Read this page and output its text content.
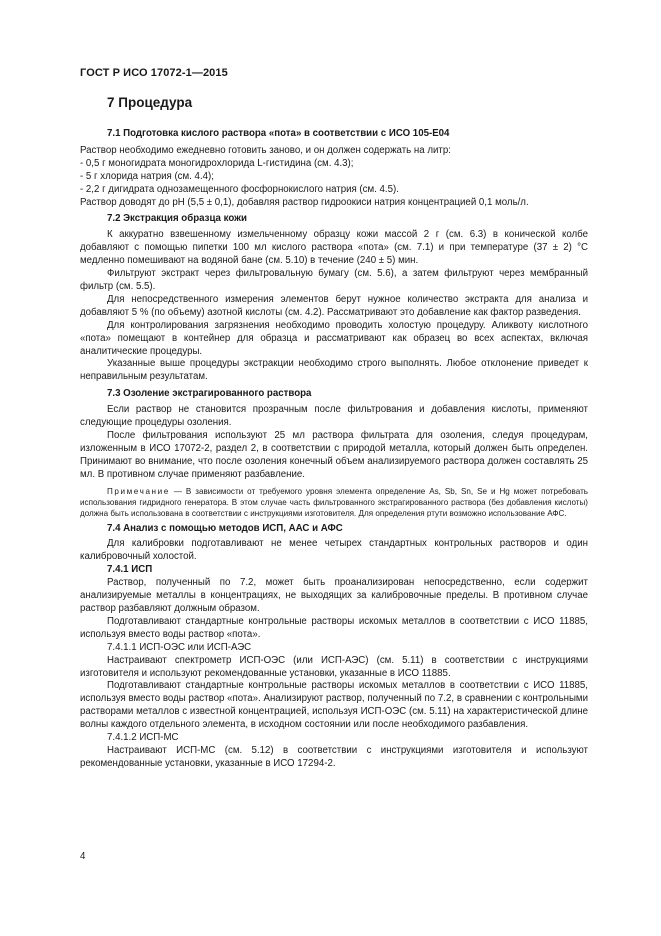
ГОСТ Р ИСО 17072-1—2015
7 Процедура

7.1 Подготовка кислого раствора «пота» в соответствии с ИСО 105-Е04

Раствор необходимо ежедневно готовить заново, и он должен содержать на литр:

- 0,5 г моногидрата моногидрохлорида L-гистидина (см. 4.3);

- 5 г хлорида натрия (см. 4.4);

- 2,2 г дигидрата однозамещенного фосфорнокислого натрия (см. 4.5).

Раствор доводят до pH (5,5 ± 0,1), добавляя раствор гидроокиси натрия концентрацией 0,1 моль/л.

7.2 Экстракция образца кожи

К аккуратно взвешенному измельченному образцу кожи массой 2 г (см. 6.3) в конической колбе добавляют с помощью пипетки 100 мл кислого раствора «пота» (см. 7.1) и при температуре (37 ± 2) °С медленно помешивают на водяной бане (см. 5.10) в течение (240 ± 5) мин.

Фильтруют экстракт через фильтровальную бумагу (см. 5.6), а затем фильтруют через мембранный фильтр (см. 5.5).

Для непосредственного измерения элементов берут нужное количество экстракта для анализа и добавляют 5 % (по объему) азотной кислоты (см. 4.2). Рассматривают это добавление как фактор разведения.

Для контролирования загрязнения необходимо проводить холостую процедуру. Аликвоту кислотного «пота» помещают в контейнер для образца и рассматривают как образец во всех аспектах, включая аналитические процедуры.

Указанные выше процедуры экстракции необходимо строго выполнять. Любое отклонение приведет к неправильным результатам.

7.3 Озоление экстрагированного раствора

Если раствор не становится прозрачным после фильтрования и добавления кислоты, применяют следующие процедуры озоления.

После фильтрования используют 25 мл раствора фильтрата для озоления, следуя процедурам, изложенным в ИСО 17072-2, раздел 2, в соответствии с природой металла, который должен быть определен. Принимают во внимание, что после озоления конечный объем анализируемого раствора должен составлять 25 мл. В противном случае применяют разбавление.

Примечание — В зависимости от требуемого уровня элемента определение As, Sb, Sn, Se и Hg может потребовать использования гидридного генератора. В этом случае часть фильтрованного экстрагированного раствора (без добавления кислоты) должна быть использована в соответствии с инструкциями изготовителя. Для определения ртути возможно использование АФС.

7.4 Анализ с помощью методов ИСП, ААС и АФС

Для калибровки подготавливают не менее четырех стандартных контрольных растворов и один калибровочный холостой.

7.4.1 ИСП

Раствор, полученный по 7.2, может быть проанализирован непосредственно, если содержит анализируемые металлы в концентрациях, не выходящих за калибровочные пределы. В противном случае раствор разбавляют должным образом.

Подготавливают стандартные контрольные растворы искомых металлов в соответствии с ИСО 11885, используя вместо воды раствор «пота».

7.4.1.1 ИСП-ОЭС или ИСП-АЭС

Настраивают спектрометр ИСП-ОЭС (или ИСП-АЭС) (см. 5.11) в соответствии с инструкциями изготовителя и используют рекомендованные установки, указанные в ИСО 11885.

Подготавливают стандартные контрольные растворы искомых металлов в соответствии с ИСО 11885, используя вместо воды раствор «пота». Анализируют раствор, полученный по 7.2, в сравнении с контрольными растворами металлов с известной концентрацией, используя ИСП-ОЭС (см. 5.11) на характеристической длине волны каждого отдельного элемента, в исходном состоянии или после необходимого разбавления.

7.4.1.2 ИСП-МС

Настраивают ИСП-МС (см. 5.12) в соответствии с инструкциями изготовителя и используют рекомендованные установки, указанные в ИСО 17294-2.

4
